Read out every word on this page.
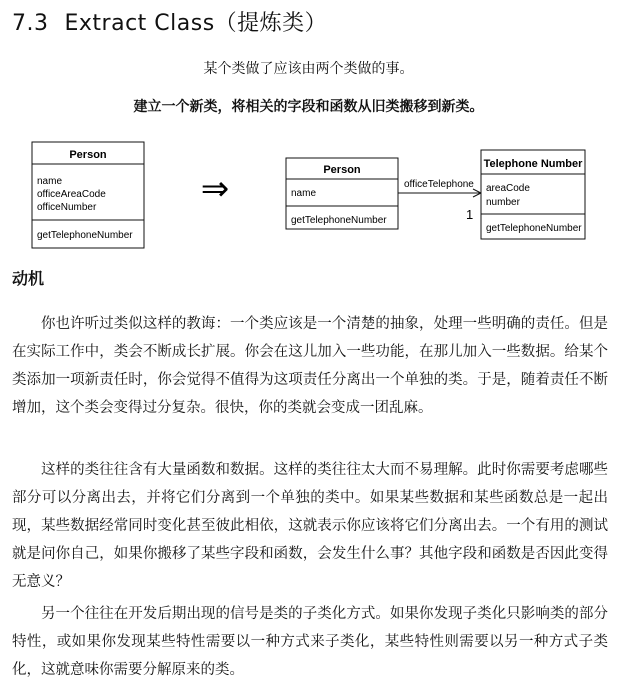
7.3 Extract Class（提炼类）

某个类做了应该由两个类做的事。

建立一个新类，将相关的字段和函数从旧类搬移到新类。

Person
name
officeAreaCode
officeNumber
getTelephoneNumber
⇒	Person
name
getTelephoneNumber
officeTelephone
1
Telephone Number
areaCode
number
getTelephoneNumber
动机

你也许听过类似这样的教诲：一个类应该是一个清楚的抽象，处理一些明确的责任。但是在实际工作中，类会不断成长扩展。你会在这儿加入一些功能，在那儿加入一些数据。给某个类添加一项新责任时，你会觉得不值得为这项责任分离出一个单独的类。于是，随着责任不断增加，这个类会变得过分复杂。很快，你的类就会变成一团乱麻。

这样的类往往含有大量函数和数据。这样的类往往太大而不易理解。此时你需要考虑哪些部分可以分离出去，并将它们分离到一个单独的类中。如果某些数据和某些函数总是一起出现，某些数据经常同时变化甚至彼此相依，这就表示你应该将它们分离出去。一个有用的测试就是问你自己，如果你搬移了某些字段和函数，会发生什么事？其他字段和函数是否因此变得无意义？

另一个往往在开发后期出现的信号是类的子类化方式。如果你发现子类化只影响类的部分特性，或如果你发现某些特性需要以一种方式来子类化，某些特性则需要以另一种方式子类化，这就意味你需要分解原来的类。
